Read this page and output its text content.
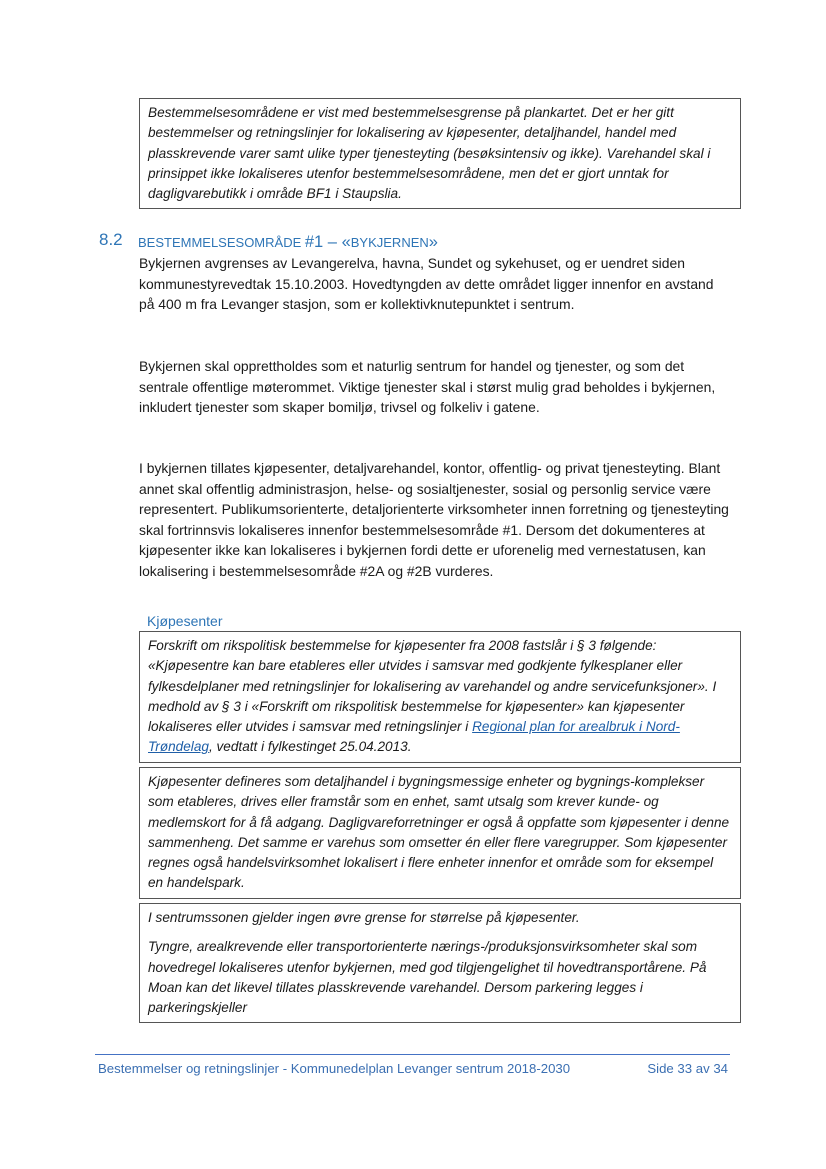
Bestemmelsesområdene er vist med bestemmelsesgrense på plankartet. Det er her gitt bestemmelser og retningslinjer for lokalisering av kjøpesenter, detaljhandel, handel med plasskrevende varer samt ulike typer tjenesteyting (besøksintensiv og ikke). Varehandel skal i prinsippet ikke lokaliseres utenfor bestemmelsesområdene, men det er gjort unntak for dagligvarebutikk i område BF1 i Staupslia.

8.2 BESTEMMELSESOMRÅDE #1 – «BYKJERNEN»

Bykjernen avgrenses av Levangerelva, havna, Sundet og sykehuset, og er uendret siden kommunestyrevedtak 15.10.2003. Hovedtyngden av dette området ligger innenfor en avstand på 400 m fra Levanger stasjon, som er kollektivknutepunktet i sentrum.

Bykjernen skal opprettholdes som et naturlig sentrum for handel og tjenester, og som det sentrale offentlige møterommet. Viktige tjenester skal i størst mulig grad beholdes i bykjernen, inkludert tjenester som skaper bomiljø, trivsel og folkeliv i gatene.

I bykjernen tillates kjøpesenter, detaljvarehandel, kontor, offentlig- og privat tjenesteyting. Blant annet skal offentlig administrasjon, helse- og sosialtjenester, sosial og personlig service være representert. Publikumsorienterte, detaljorienterte virksomheter innen forretning og tjenesteyting skal fortrinnsvis lokaliseres innenfor bestemmelsesområde #1. Dersom det dokumenteres at kjøpesenter ikke kan lokaliseres i bykjernen fordi dette er uforenelig med vernestatusen, kan lokalisering i bestemmelsesområde #2A og #2B vurderes.

Kjøpesenter

Forskrift om rikspolitisk bestemmelse for kjøpesenter fra 2008 fastslår i § 3 følgende: «Kjøpesentre kan bare etableres eller utvides i samsvar med godkjente fylkesplaner eller fylkesdelplaner med retningslinjer for lokalisering av varehandel og andre servicefunksjoner». I medhold av § 3 i «Forskrift om rikspolitisk bestemmelse for kjøpesenter» kan kjøpesenter lokaliseres eller utvides i samsvar med retningslinjer i Regional plan for arealbruk i Nord-Trøndelag, vedtatt i fylkestinget 25.04.2013.

Kjøpesenter defineres som detaljhandel i bygningsmessige enheter og bygnings-komplekser som etableres, drives eller framstår som en enhet, samt utsalg som krever kunde- og medlemskort for å få adgang. Dagligvareforretninger er også å oppfatte som kjøpesenter i denne sammenheng. Det samme er varehus som omsetter én eller flere varegrupper. Som kjøpesenter regnes også handelsvirksomhet lokalisert i flere enheter innenfor et område som for eksempel en handelspark.

I sentrumssonen gjelder ingen øvre grense for størrelse på kjøpesenter.

Tyngre, arealkrevende eller transportorienterte nærings-/produksjonsvirksomheter skal som hovedregel lokaliseres utenfor bykjernen, med god tilgjengelighet til hovedtransportårene. På Moan kan det likevel tillates plasskrevende varehandel. Dersom parkering legges i parkeringskjeller

Bestemmelser og retningslinjer - Kommunedelplan Levanger sentrum 2018-2030	Side 33 av 34
